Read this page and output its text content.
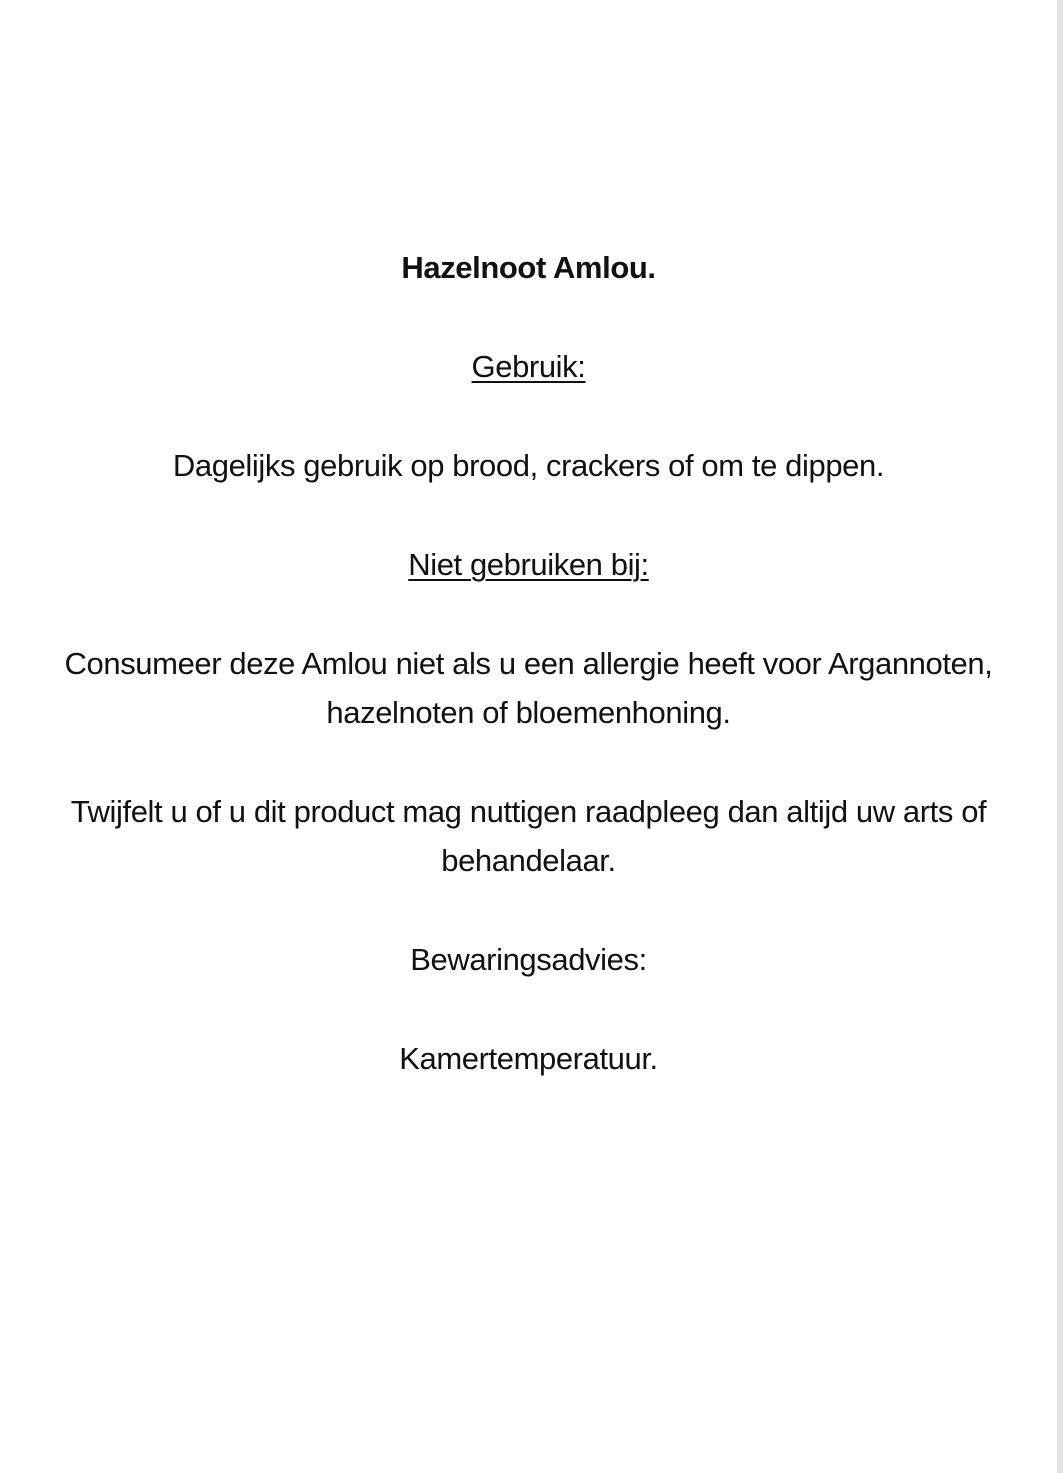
Hazelnoot Amlou.

Gebruik:

Dagelijks gebruik op brood, crackers of om te dippen.

Niet gebruiken bij:

Consumeer deze Amlou niet als u een allergie heeft voor Argannoten,

hazelnoten of bloemenhoning.

Twijfelt u of u dit product mag nuttigen raadpleeg dan altijd uw arts of

behandelaar.

Bewaringsadvies:

Kamertemperatuur.
